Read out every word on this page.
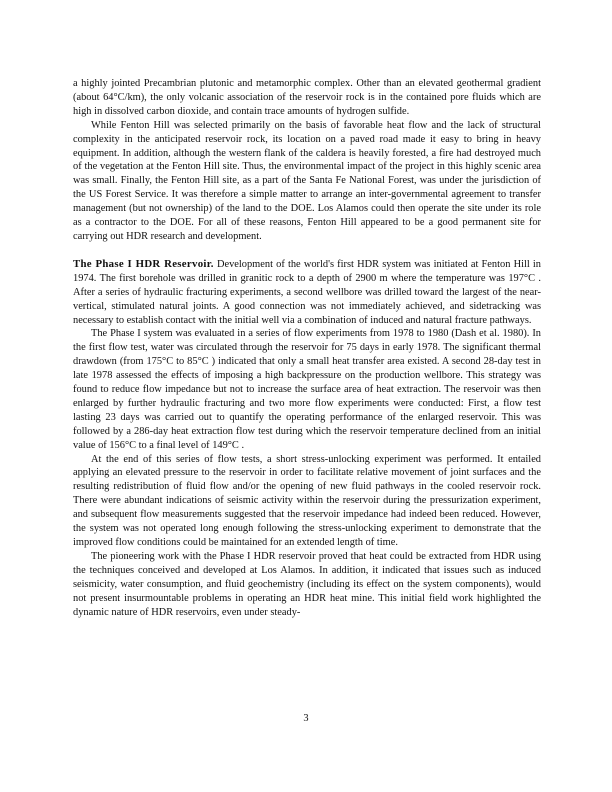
a highly jointed Precambrian plutonic and metamorphic complex. Other than an elevated geothermal gradient (about 64°C/km), the only volcanic association of the reservoir rock is in the contained pore fluids which are high in dissolved carbon dioxide, and contain trace amounts of hydrogen sulfide.

While Fenton Hill was selected primarily on the basis of favorable heat flow and the lack of structural complexity in the anticipated reservoir rock, its location on a paved road made it easy to bring in heavy equipment. In addition, although the western flank of the caldera is heavily forested, a fire had destroyed much of the vegetation at the Fenton Hill site. Thus, the environmental impact of the project in this highly scenic area was small. Finally, the Fenton Hill site, as a part of the Santa Fe National Forest, was under the jurisdiction of the US Forest Service. It was therefore a simple matter to arrange an inter-governmental agreement to transfer management (but not ownership) of the land to the DOE. Los Alamos could then operate the site under its role as a contractor to the DOE. For all of these reasons, Fenton Hill appeared to be a good permanent site for carrying out HDR research and development.

The Phase I HDR Reservoir. Development of the world's first HDR system was initiated at Fenton Hill in 1974. The first borehole was drilled in granitic rock to a depth of 2900 m where the temperature was 197°C . After a series of hydraulic fracturing experiments, a second wellbore was drilled toward the largest of the near-vertical, stimulated natural joints. A good connection was not immediately achieved, and sidetracking was necessary to establish contact with the initial well via a combination of induced and natural fracture pathways.

The Phase I system was evaluated in a series of flow experiments from 1978 to 1980 (Dash et al. 1980). In the first flow test, water was circulated through the reservoir for 75 days in early 1978. The significant thermal drawdown (from 175°C to 85°C ) indicated that only a small heat transfer area existed. A second 28-day test in late 1978 assessed the effects of imposing a high backpressure on the production wellbore. This strategy was found to reduce flow impedance but not to increase the surface area of heat extraction. The reservoir was then enlarged by further hydraulic fracturing and two more flow experiments were conducted: First, a flow test lasting 23 days was carried out to quantify the operating performance of the enlarged reservoir. This was followed by a 286-day heat extraction flow test during which the reservoir temperature declined from an initial value of 156°C to a final level of 149°C .

At the end of this series of flow tests, a short stress-unlocking experiment was performed. It entailed applying an elevated pressure to the reservoir in order to facilitate relative movement of joint surfaces and the resulting redistribution of fluid flow and/or the opening of new fluid pathways in the cooled reservoir rock. There were abundant indications of seismic activity within the reservoir during the pressurization experiment, and subsequent flow measurements suggested that the reservoir impedance had indeed been reduced. However, the system was not operated long enough following the stress-unlocking experiment to demonstrate that the improved flow conditions could be maintained for an extended length of time.

The pioneering work with the Phase I HDR reservoir proved that heat could be extracted from HDR using the techniques conceived and developed at Los Alamos. In addition, it indicated that issues such as induced seismicity, water consumption, and fluid geochemistry (including its effect on the system components), would not present insurmountable problems in operating an HDR heat mine. This initial field work highlighted the dynamic nature of HDR reservoirs, even under steady-

3
